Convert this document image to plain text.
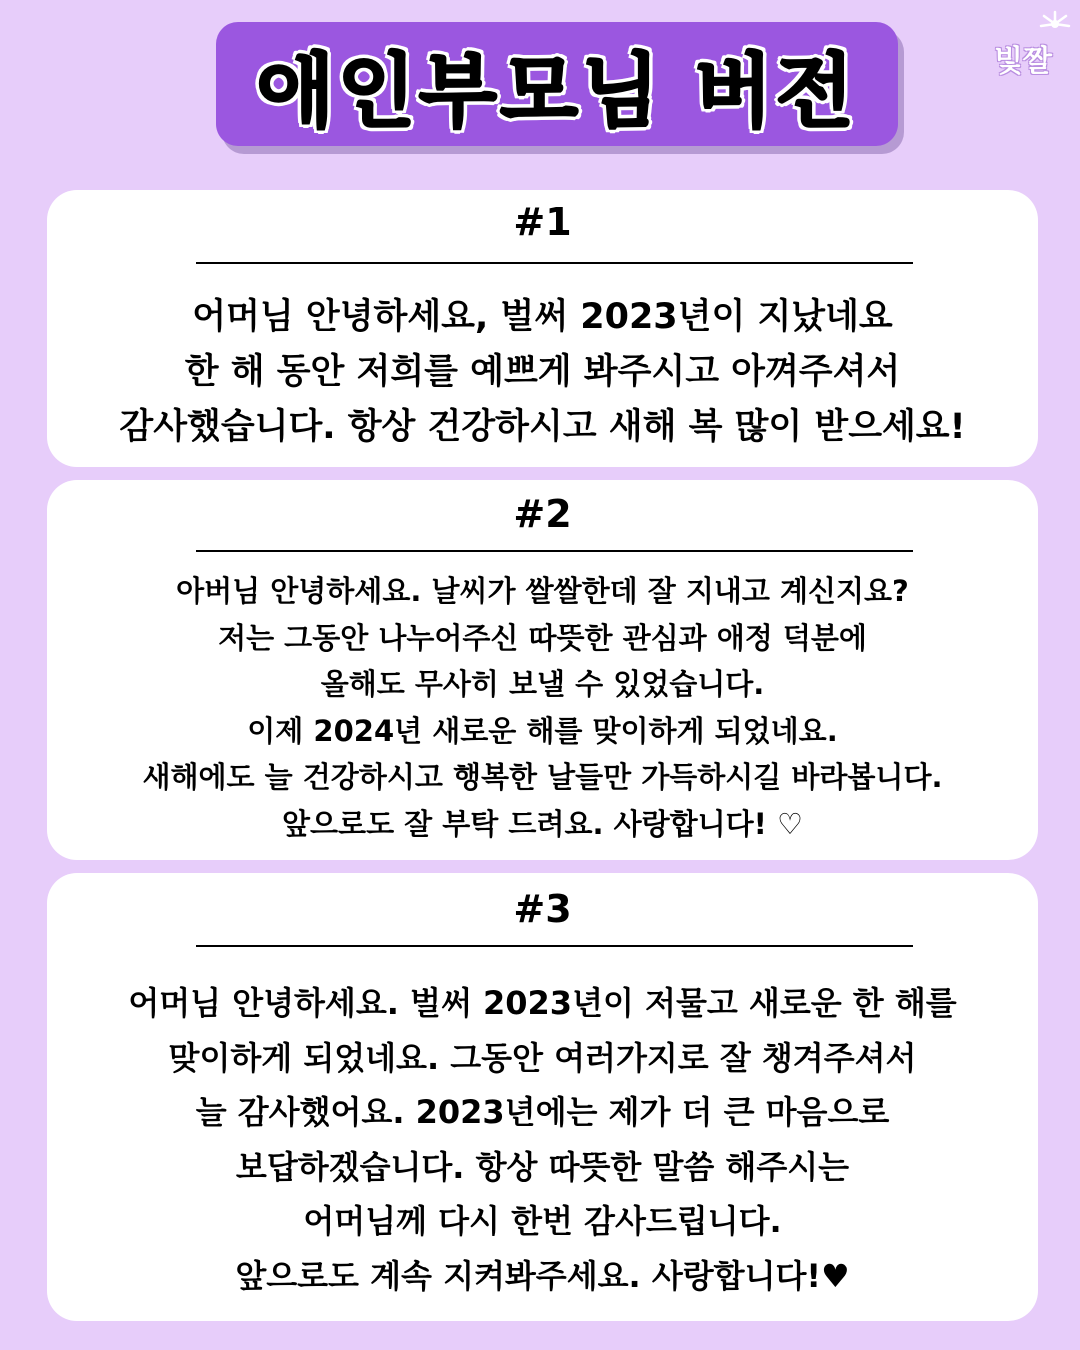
애인부모님 버전	빛짤
#1
어머님 안녕하세요, 벌써 2023년이 지났네요
한 해 동안 저희를 예쁘게 봐주시고 아껴주셔서
감사했습니다. 항상 건강하시고 새해 복 많이 받으세요!
#2
아버님 안녕하세요. 날씨가 쌀쌀한데 잘 지내고 계신지요?
저는 그동안 나누어주신 따뜻한 관심과 애정 덕분에
올해도 무사히 보낼 수 있었습니다.
이제 2024년 새로운 해를 맞이하게 되었네요.
새해에도 늘 건강하시고 행복한 날들만 가득하시길 바라봅니다.
앞으로도 잘 부탁 드려요. 사랑합니다! ♡
#3
어머님 안녕하세요. 벌써 2023년이 저물고 새로운 한 해를
맞이하게 되었네요. 그동안 여러가지로 잘 챙겨주셔서
늘 감사했어요. 2023년에는 제가 더 큰 마음으로
보답하겠습니다. 항상 따뜻한 말씀 해주시는
어머님께 다시 한번 감사드립니다.
앞으로도 계속 지켜봐주세요. 사랑합니다!♥
